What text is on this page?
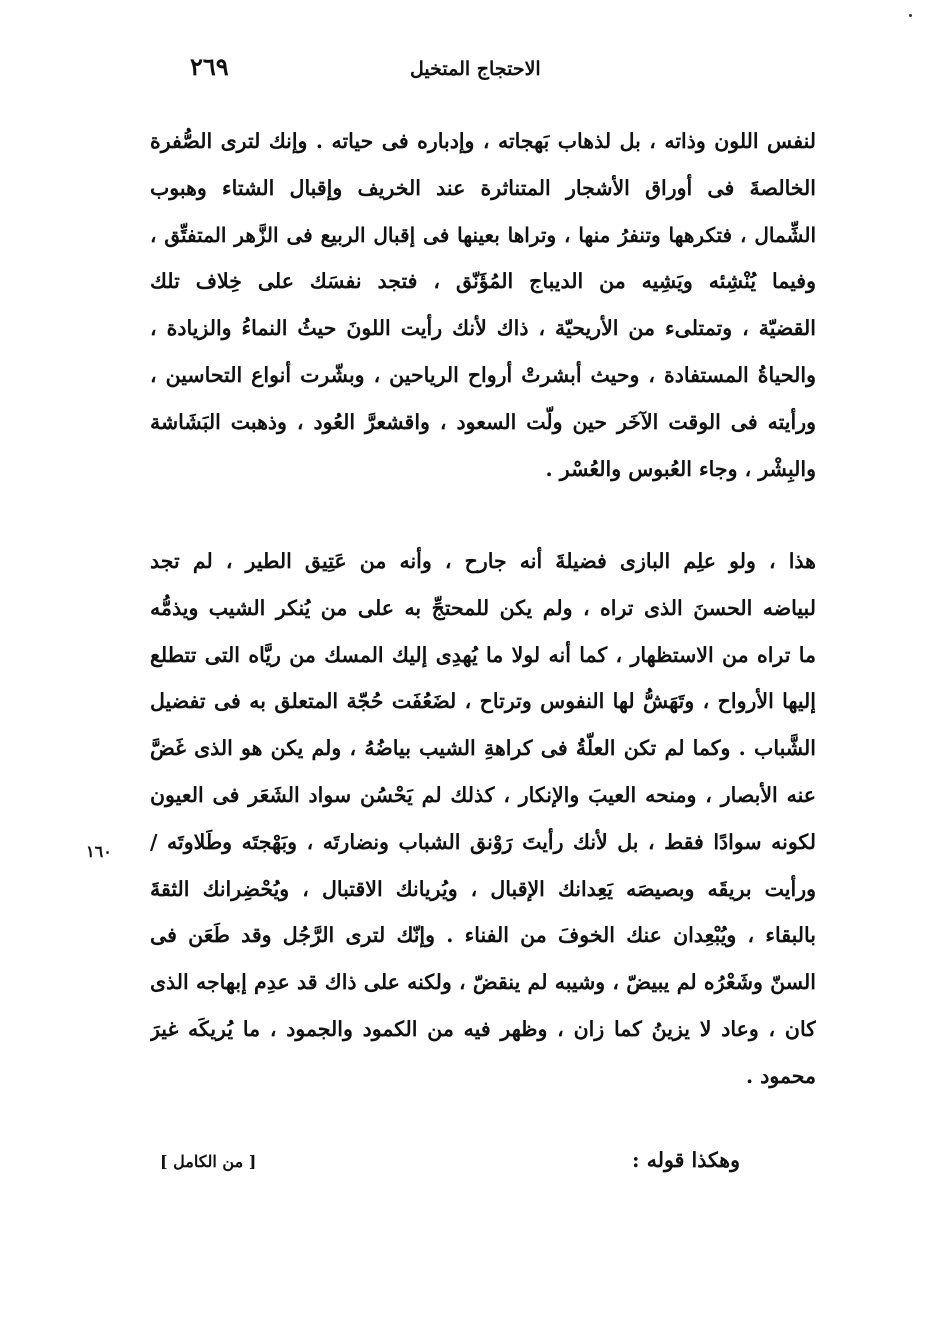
٢٦٩	الاحتجاج المتخيل
لنفس اللون وذاته ، بل لذهاب بَهجاته ، وإدباره فى حياته . وإنك لترى الصُّفرة
الخالصةَ فى أوراق الأشجار المتناثرة عند الخريف وإقبال الشتاء وهبوب
الشِّمال ، فتكرهها وتنفرُ منها ، وتراها بعينها فى إقبال الربيع فى الزَّهر المتفتِّق ،
وفيما يُنْشِئه ويَشِيه من الديباج المُؤَنّق ، فتجد نفسَك على خِلاف تلك
القضيّة ، وتمتلىء من الأريحيّة ، ذاك لأنك رأيت اللونَ حيثُ النماءُ والزيادة ،
والحياةُ المستفادة ، وحيث أبشرتْ أرواح الرياحين ، وبشّرت أنواع التحاسين ،
ورأيته فى الوقت الآخَر حين ولّت السعود ، واقشعرَّ العُود ، وذهبت البَشَاشة
والبِشْر ، وجاء العُبوس والعُسْر .
هذا ، ولو علِم البازى فضيلةَ أنه جارح ، وأنه من عَتِيق الطير ، لم تجد
لبياضه الحسنَ الذى تراه ، ولم يكن للمحتجِّ به على من يُنكر الشيب ويذمُّه
ما تراه من الاستظهار ، كما أنه لولا ما يُهدِى إليك المسك من ريَّاه التى تتطلع
إليها الأرواح ، وتَهَشُّ لها النفوس وترتاح ، لضَعُفَت حُجّة المتعلق به فى تفضيل
الشَّباب . وكما لم تكن العلّةُ فى كراهةِ الشيب بياضُهُ ، ولم يكن هو الذى غَضَّ
عنه الأبصار ، ومنحه العيبَ والإنكار ، كذلك لم يَحْسُن سواد الشَعَر فى العيون
لكونه سوادًا فقط ، بل لأنك رأيتَ رَوْنق الشباب ونضارتَه ، وبَهْجتَه وطَلاوتَه /
ورأيت بريقَه وبصيصَه يَعِدانك الإقبال ، ويُريانك الاقتبال ، ويُحْضِرانك الثقةَ
بالبقاء ، ويُبْعِدان عنك الخوفَ من الفناء . وإنّك لترى الرَّجُل وقد طَعَن فى
السنّ وشَعْرُه لم يبيضّ ، وشيبه لم ينقضّ ، ولكنه على ذاك قد عدِم إبهاجه الذى
كان ، وعاد لا يزينُ كما زان ، وظهر فيه من الكمود والجمود ، ما يُريكَه غيرَ
محمود .
١٦٠
وهكذا قوله :
[ من الكامل ]
